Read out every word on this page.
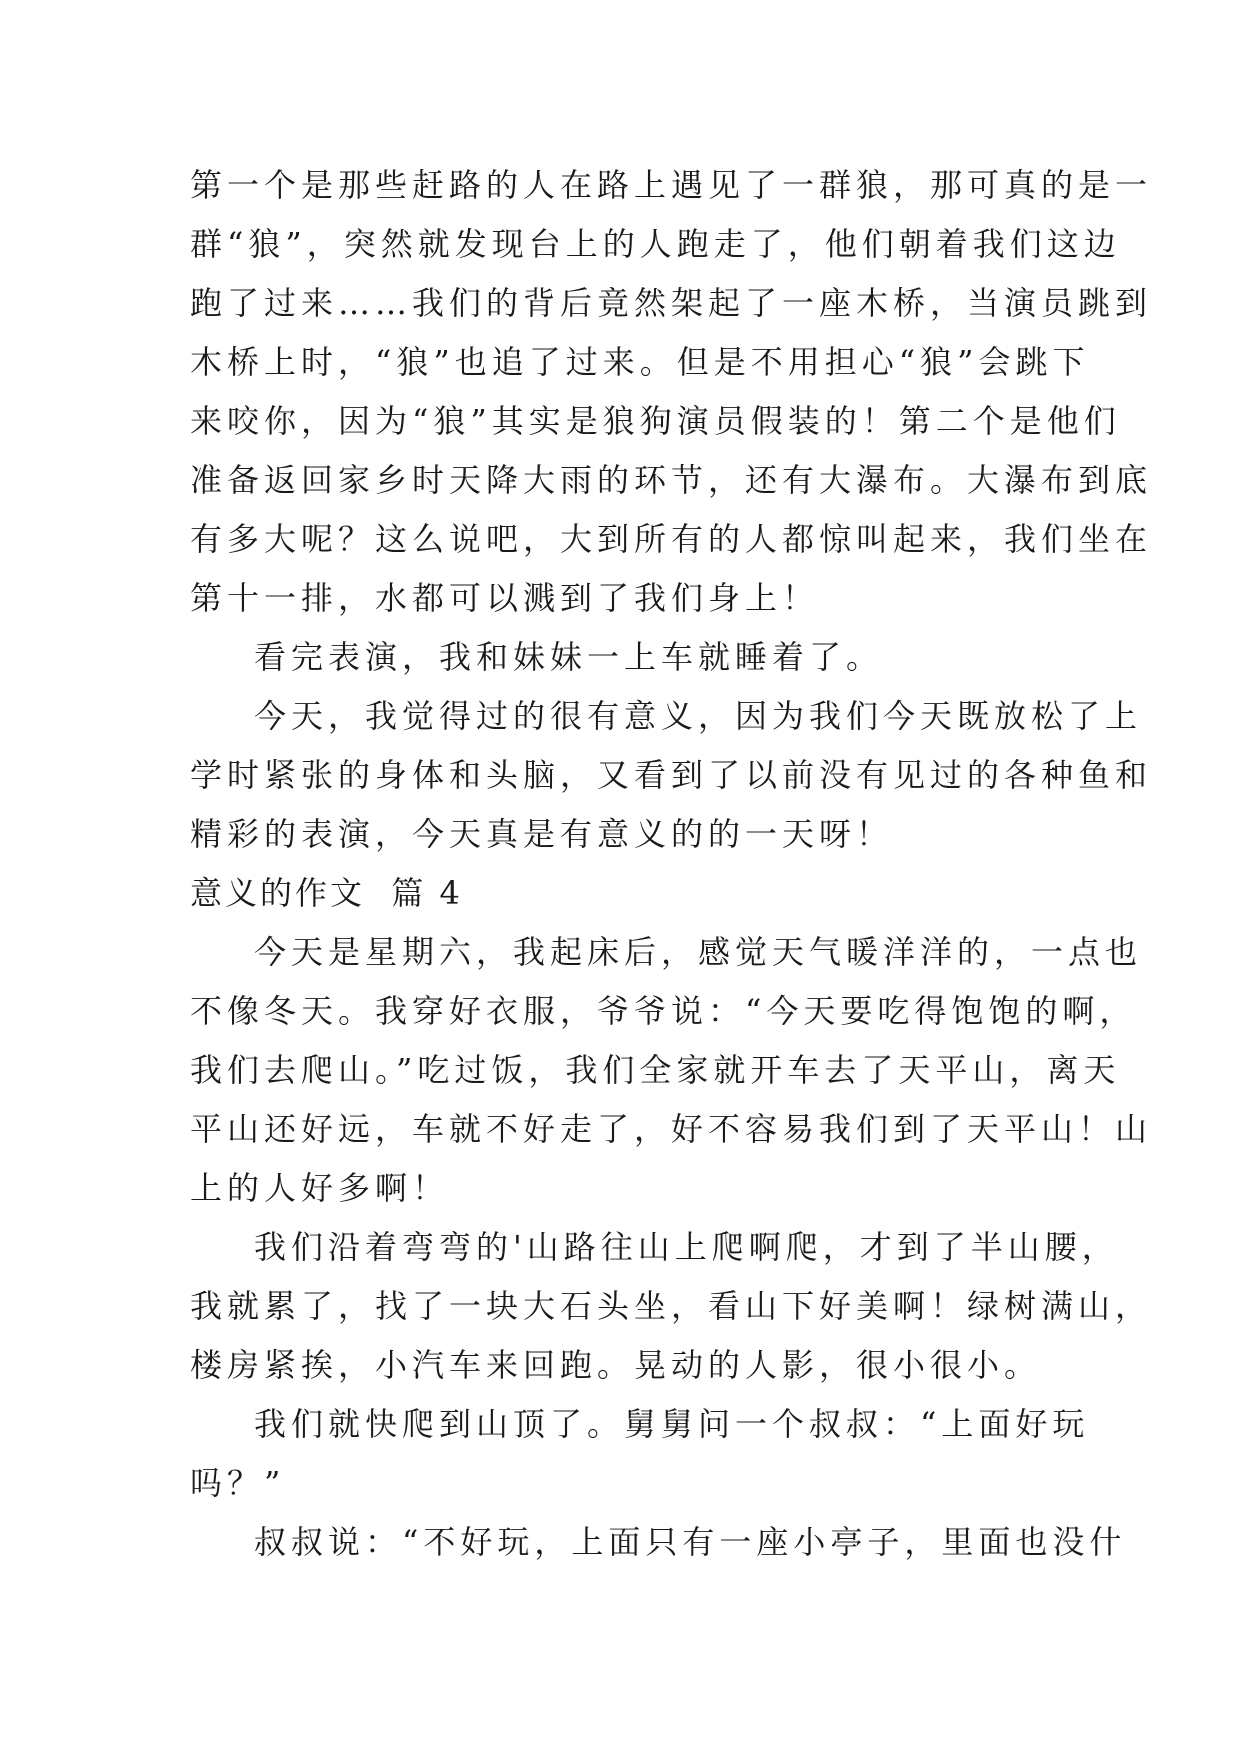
第一个是那些赶路的人在路上遇见了一群狼，那可真的是一
群“狼”，突然就发现台上的人跑走了，他们朝着我们这边
跑了过来……我们的背后竟然架起了一座木桥，当演员跳到
木桥上时，“狼”也追了过来。但是不用担心“狼”会跳下
来咬你，因为“狼”其实是狼狗演员假装的！第二个是他们
准备返回家乡时天降大雨的环节，还有大瀑布。大瀑布到底
有多大呢？这么说吧，大到所有的人都惊叫起来，我们坐在
第十一排，水都可以溅到了我们身上！
看完表演，我和妹妹一上车就睡着了。
今天，我觉得过的很有意义，因为我们今天既放松了上
学时紧张的身体和头脑，又看到了以前没有见过的各种鱼和
精彩的表演，今天真是有意义的的一天呀！
意义的作文  篇 4
今天是星期六，我起床后，感觉天气暖洋洋的，一点也
不像冬天。我穿好衣服，爷爷说：“今天要吃得饱饱的啊，
我们去爬山。”吃过饭，我们全家就开车去了天平山，离天
平山还好远，车就不好走了，好不容易我们到了天平山！山
上的人好多啊！
我们沿着弯弯的'山路往山上爬啊爬，才到了半山腰，
我就累了，找了一块大石头坐，看山下好美啊！绿树满山，
楼房紧挨，小汽车来回跑。晃动的人影，很小很小。
我们就快爬到山顶了。舅舅问一个叔叔：“上面好玩
吗？”
叔叔说：“不好玩，上面只有一座小亭子，里面也没什
